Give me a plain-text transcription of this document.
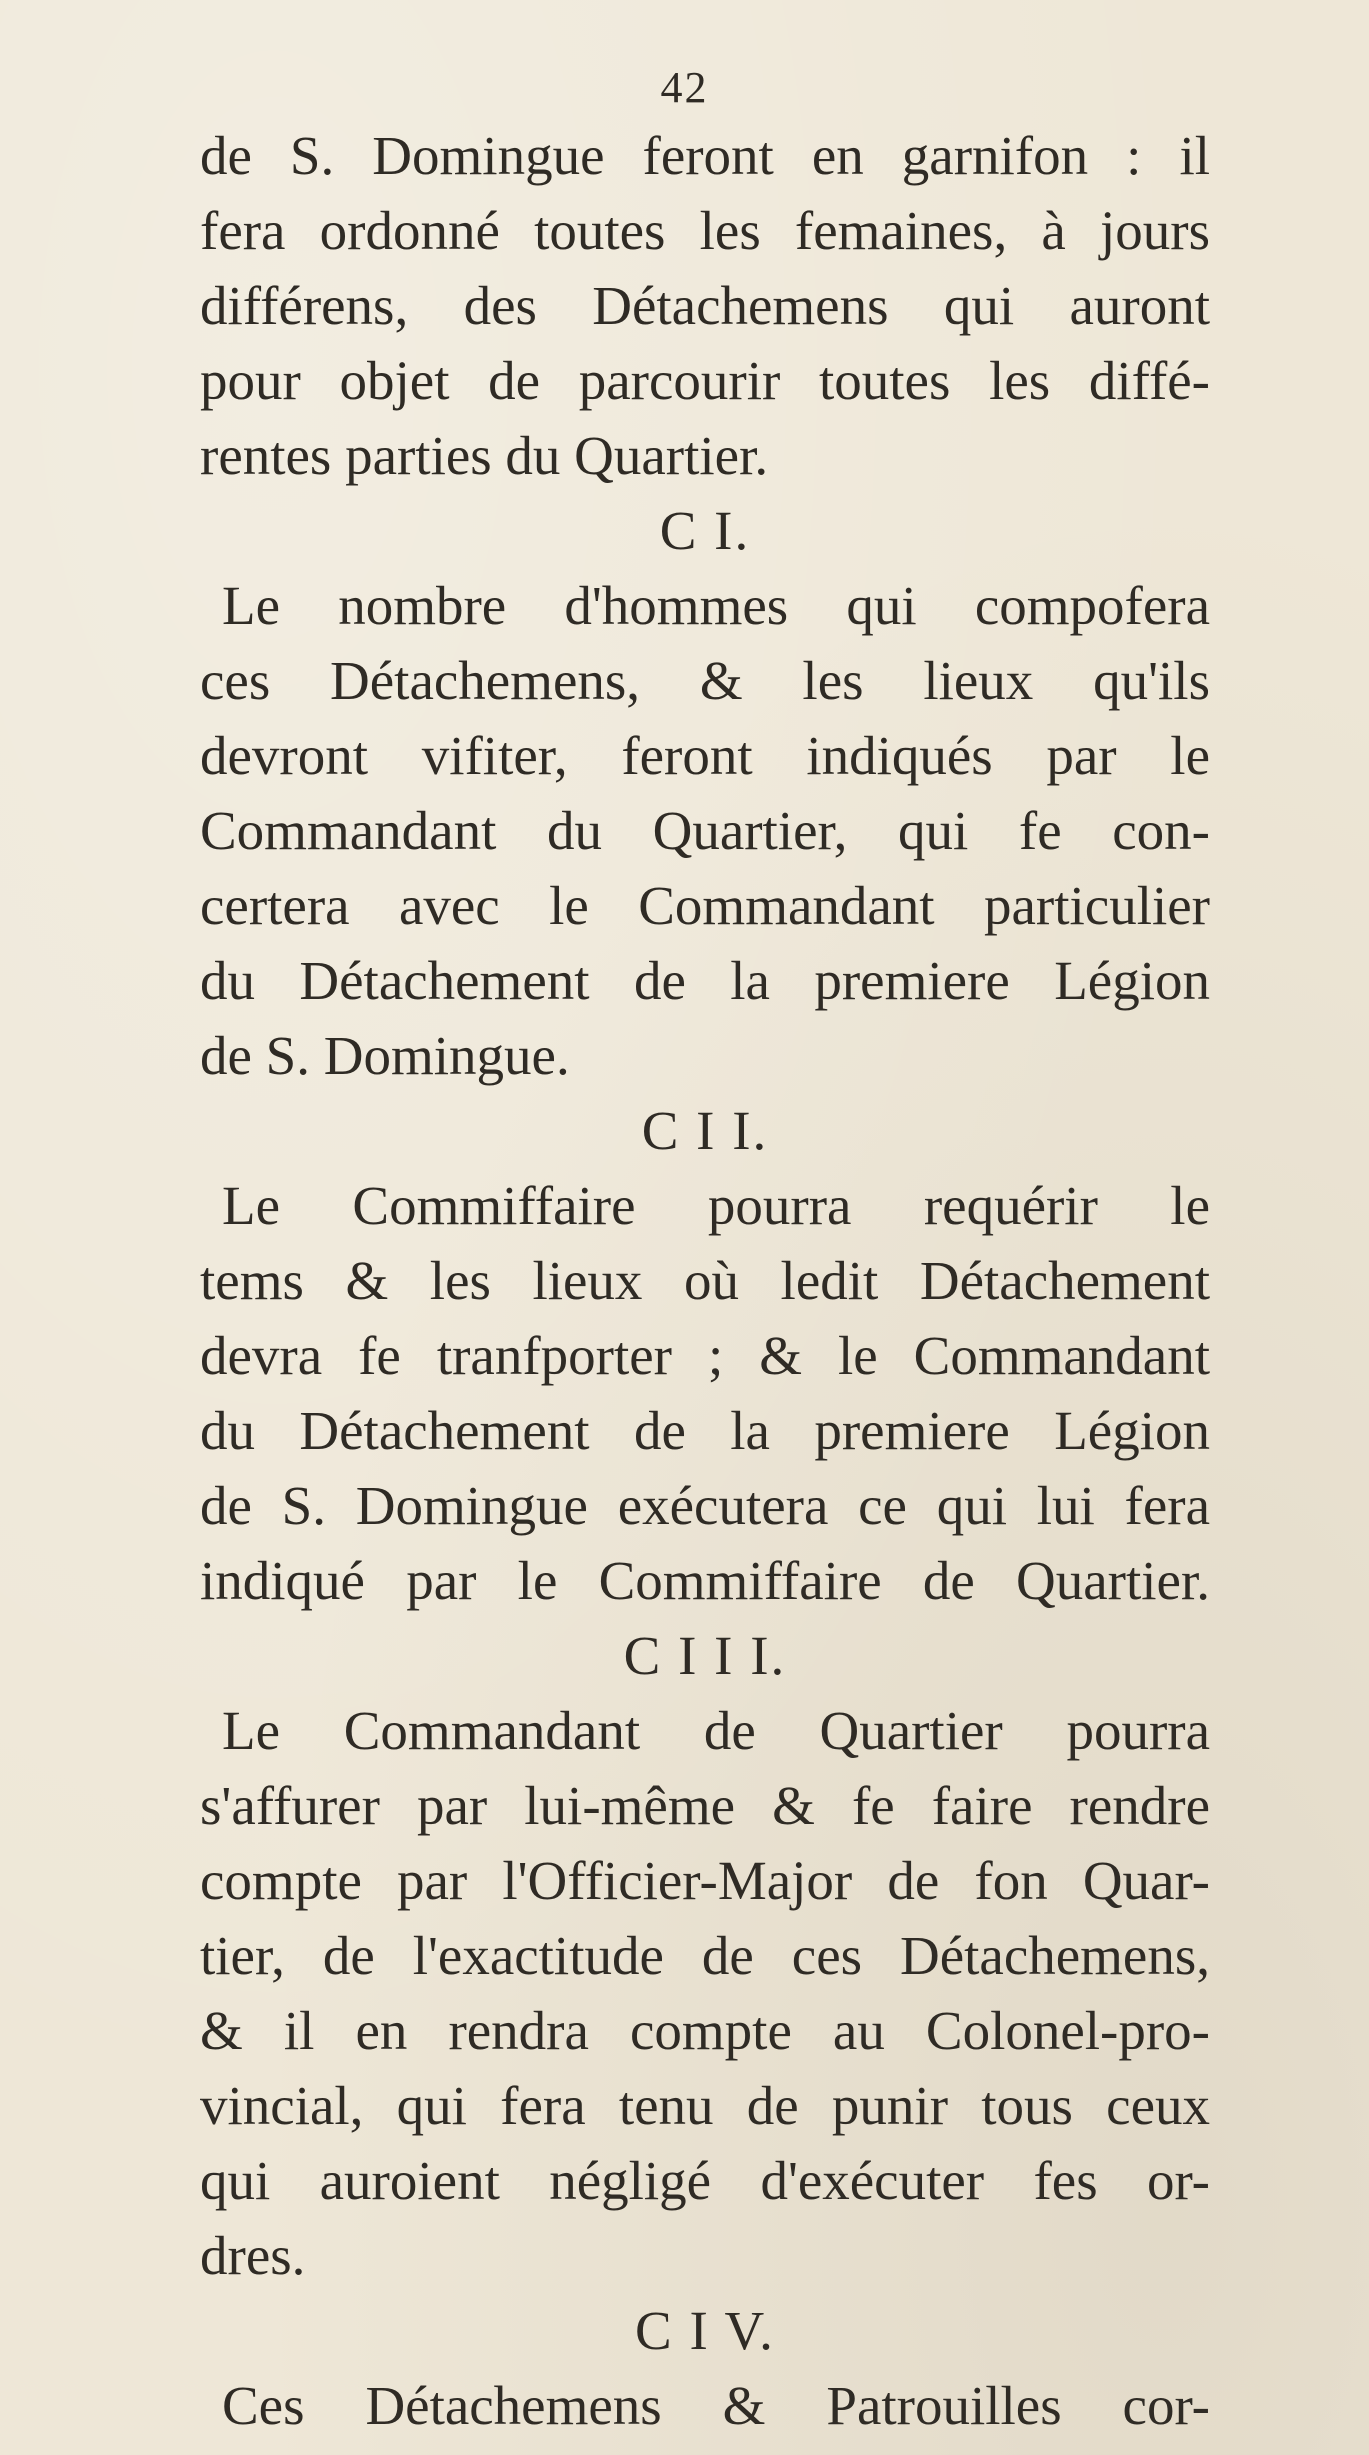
42
de S. Domingue feront en garnifon : il
fera ordonné toutes les femaines, à jours
différens, des Détachemens qui auront
pour objet de parcourir toutes les diffé-
rentes parties du Quartier.
C I.
Le nombre d'hommes qui compofera
ces Détachemens, & les lieux qu'ils
devront vifiter, feront indiqués par le
Commandant du Quartier, qui fe con-
certera avec le Commandant particulier
du Détachement de la premiere Légion
de S. Domingue.
C I I.
Le Commiffaire pourra requérir le
tems & les lieux où ledit Détachement
devra fe tranfporter ; & le Commandant
du Détachement de la premiere Légion
de S. Domingue exécutera ce qui lui fera
indiqué par le Commiffaire de Quartier.
C I I I.
Le Commandant de Quartier pourra
s'affurer par lui-même & fe faire rendre
compte par l'Officier-Major de fon Quar-
tier, de l'exactitude de ces Détachemens,
& il en rendra compte au Colonel-pro-
vincial, qui fera tenu de punir tous ceux
qui auroient négligé d'exécuter fes or-
dres.
C I V.
Ces Détachemens & Patrouilles cor-
